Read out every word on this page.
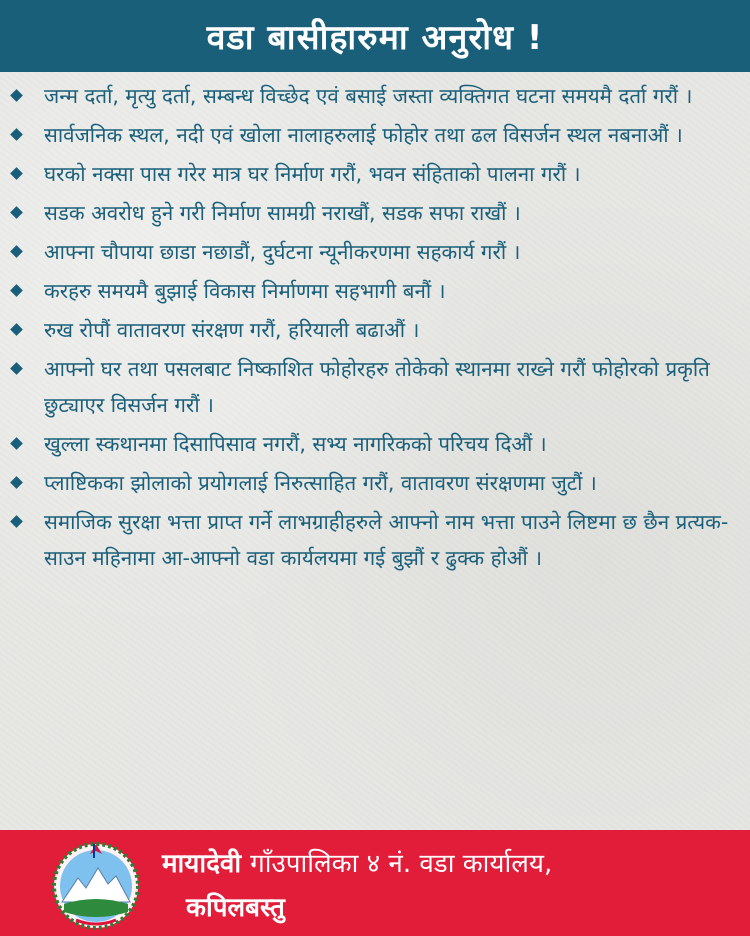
वडा बासीहारुमा अनुरोध !
जन्म दर्ता, मृत्यु दर्ता, सम्बन्ध विच्छेद एवं बसाई जस्ता व्यक्तिगत घटना समयमै दर्ता गरौं ।
सार्वजनिक स्थल, नदी एवं खोला नालाहरुलाई फोहोर तथा ढल विसर्जन स्थल नबनाऔं ।
घरको नक्सा पास गरेर मात्र घर निर्माण गरौं, भवन संहिताको पालना गरौं ।
सडक अवरोध हुने गरी निर्माण सामग्री नराखौं, सडक सफा राखौं ।
आफ्ना चौपाया छाडा नछाडौं, दुर्घटना न्यूनीकरणमा सहकार्य गरौं ।
करहरु समयमै बुझाई विकास निर्माणमा सहभागी बनौं ।
रुख रोपौं वातावरण संरक्षण गरौं, हरियाली बढाऔं ।
आफ्नो घर तथा पसलबाट निष्काशित फोहोरहरु तोकेको स्थानमा राख्ने गरौं फोहोरको प्रकृति छुट्याएर विसर्जन गरौं ।
खुल्ला स्कथानमा दिसापिसाव नगरौं, सभ्य नागरिकको परिचय दिऔं ।
प्लाष्टिकका झोलाको प्रयोगलाई निरुत्साहित गरौं, वातावरण संरक्षणमा जुटौं ।
समाजिक सुरक्षा भत्ता प्राप्त गर्ने लाभग्राहीहरुले आफ्नो नाम भत्ता पाउने लिष्टमा छ छैन प्रत्यक-साउन महिनामा आ-आफ्नो वडा कार्यलयमा गई बुझौं र ढुक्क होऔं ।
मायादेवी गाँउपालिका ४ नं. वडा कार्यालय,
कपिलबस्तु
